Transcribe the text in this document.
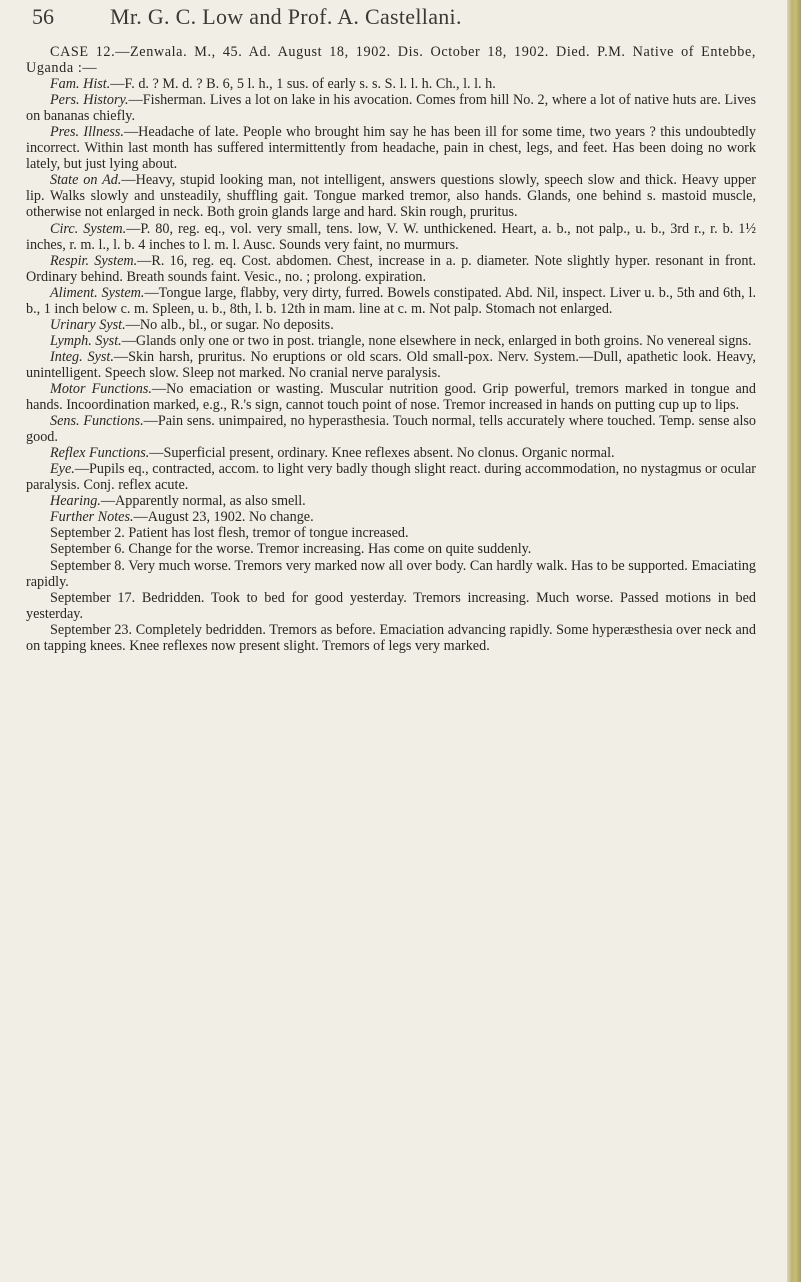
56	Mr. G. C. Low and Prof. A. Castellani.

CASE 12.—Zenwala. M., 45. Ad. August 18, 1902. Dis. October 18, 1902. Died. P.M. Native of Entebbe, Uganda :—

Fam. Hist.—F. d. ? M. d. ? B. 6, 5 l. h., 1 sus. of early s. s. S. l. l. h. Ch., l. l. h.

Pers. History.—Fisherman. Lives a lot on lake in his avocation. Comes from hill No. 2, where a lot of native huts are. Lives on bananas chiefly.

Pres. Illness.—Headache of late. People who brought him say he has been ill for some time, two years ? this undoubtedly incorrect. Within last month has suffered intermittently from headache, pain in chest, legs, and feet. Has been doing no work lately, but just lying about.

State on Ad.—Heavy, stupid looking man, not intelligent, answers questions slowly, speech slow and thick. Heavy upper lip. Walks slowly and unsteadily, shuffling gait. Tongue marked tremor, also hands. Glands, one behind s. mastoid muscle, otherwise not enlarged in neck. Both groin glands large and hard. Skin rough, pruritus.

Circ. System.—P. 80, reg. eq., vol. very small, tens. low, V. W. unthickened. Heart, a. b., not palp., u. b., 3rd r., r. b. 1½ inches, r. m. l., l. b. 4 inches to l. m. l. Ausc. Sounds very faint, no murmurs.

Respir. System.—R. 16, reg. eq. Cost. abdomen. Chest, increase in a. p. diameter. Note slightly hyper. resonant in front. Ordinary behind. Breath sounds faint. Vesic., no. ; prolong. expiration.

Aliment. System.—Tongue large, flabby, very dirty, furred. Bowels constipated. Abd. Nil, inspect. Liver u. b., 5th and 6th, l. b., 1 inch below c. m. Spleen, u. b., 8th, l. b. 12th in mam. line at c. m. Not palp. Stomach not enlarged.

Urinary Syst.—No alb., bl., or sugar. No deposits.

Lymph. Syst.—Glands only one or two in post. triangle, none elsewhere in neck, enlarged in both groins. No venereal signs.

Integ. Syst.—Skin harsh, pruritus. No eruptions or old scars. Old small-pox. Nerv. System.—Dull, apathetic look. Heavy, unintelligent. Speech slow. Sleep not marked. No cranial nerve paralysis.

Motor Functions.—No emaciation or wasting. Muscular nutrition good. Grip powerful, tremors marked in tongue and hands. Incoordination marked, e.g., R.'s sign, cannot touch point of nose. Tremor increased in hands on putting cup up to lips.

Sens. Functions.—Pain sens. unimpaired, no hyperasthesia. Touch normal, tells accurately where touched. Temp. sense also good.

Reflex Functions.—Superficial present, ordinary. Knee reflexes absent. No clonus. Organic normal.

Eye.—Pupils eq., contracted, accom. to light very badly though slight react. during accommodation, no nystagmus or ocular paralysis. Conj. reflex acute.

Hearing.—Apparently normal, as also smell.

Further Notes.—August 23, 1902. No change.

September 2. Patient has lost flesh, tremor of tongue increased.

September 6. Change for the worse. Tremor increasing. Has come on quite suddenly.

September 8. Very much worse. Tremors very marked now all over body. Can hardly walk. Has to be supported. Emaciating rapidly.

September 17. Bedridden. Took to bed for good yesterday. Tremors increasing. Much worse. Passed motions in bed yesterday.

September 23. Completely bedridden. Tremors as before. Emaciation advancing rapidly. Some hyperæsthesia over neck and on tapping knees. Knee reflexes now present slight. Tremors of legs very marked.
